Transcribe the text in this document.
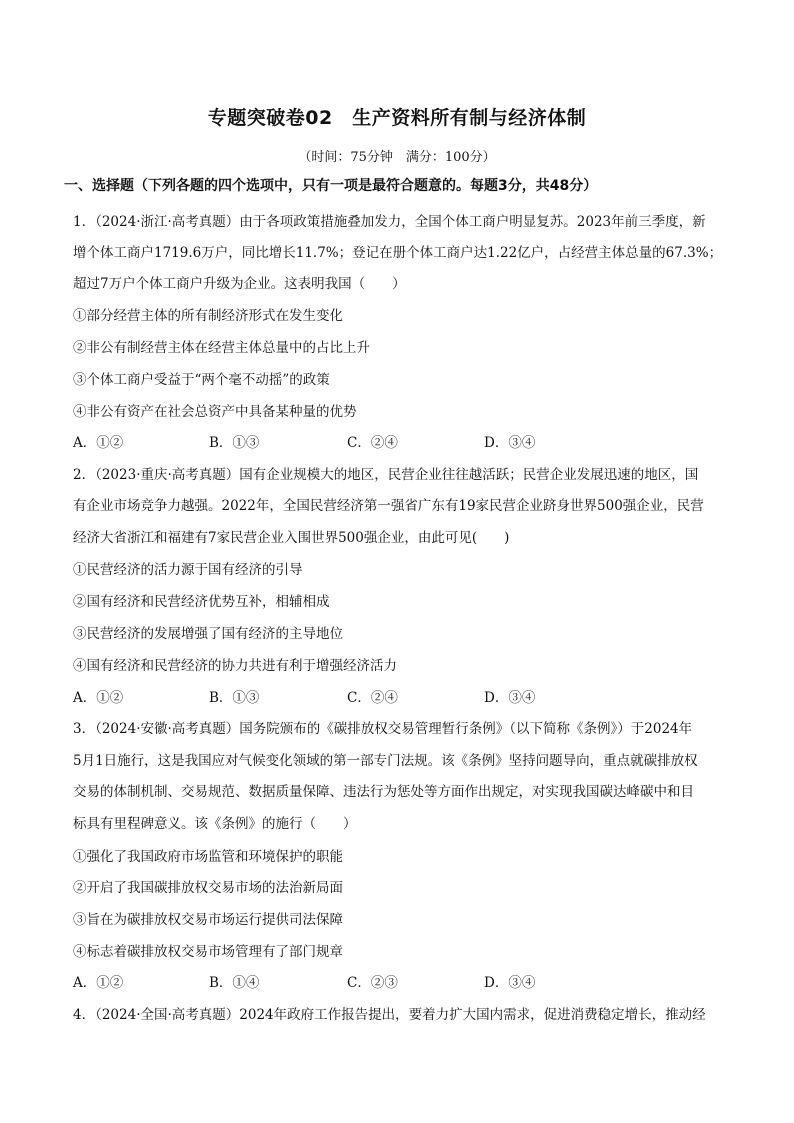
专题突破卷02　生产资料所有制与经济体制
（时间：75分钟　满分：100分）
一、选择题（下列各题的四个选项中，只有一项是最符合题意的。每题3分，共48分）
1．（2024·浙江·高考真题）由于各项政策措施叠加发力，全国个体工商户明显复苏。2023年前三季度，新
增个体工商户1719.6万户，同比增长11.7%；登记在册个体工商户达1.22亿户，占经营主体总量的67.3%；
超过7万户个体工商户升级为企业。这表明我国（　　）
①部分经营主体的所有制经济形式在发生变化
②非公有制经营主体在经营主体总量中的占比上升
③个体工商户受益于“两个毫不动摇”的政策
④非公有资产在社会总资产中具备某种量的优势
A．①②	B．①③	C．②④	D．③④
2．（2023·重庆·高考真题）国有企业规模大的地区，民营企业往往越活跃；民营企业发展迅速的地区，国
有企业市场竞争力越强。2022年，全国民营经济第一强省广东有19家民营企业跻身世界500强企业，民营
经济大省浙江和福建有7家民营企业入围世界500强企业，由此可见(　　)
①民营经济的活力源于国有经济的引导
②国有经济和民营经济优势互补，相辅相成
③民营经济的发展增强了国有经济的主导地位
④国有经济和民营经济的协力共进有利于增强经济活力
A．①②	B．①③	C．②④	D．③④
3．（2024·安徽·高考真题）国务院颁布的《碳排放权交易管理暂行条例》（以下简称《条例》）于2024年
5月1日施行，这是我国应对气候变化领域的第一部专门法规。该《条例》坚持问题导向，重点就碳排放权
交易的体制机制、交易规范、数据质量保障、违法行为惩处等方面作出规定，对实现我国碳达峰碳中和目
标具有里程碑意义。该《条例》的施行（　　）
①强化了我国政府市场监管和环境保护的职能
②开启了我国碳排放权交易市场的法治新局面
③旨在为碳排放权交易市场运行提供司法保障
④标志着碳排放权交易市场管理有了部门规章
A．①②	B．①④	C．②③	D．③④
4．（2024·全国·高考真题）2024年政府工作报告提出，要着力扩大国内需求，促进消费稳定增长，推动经
